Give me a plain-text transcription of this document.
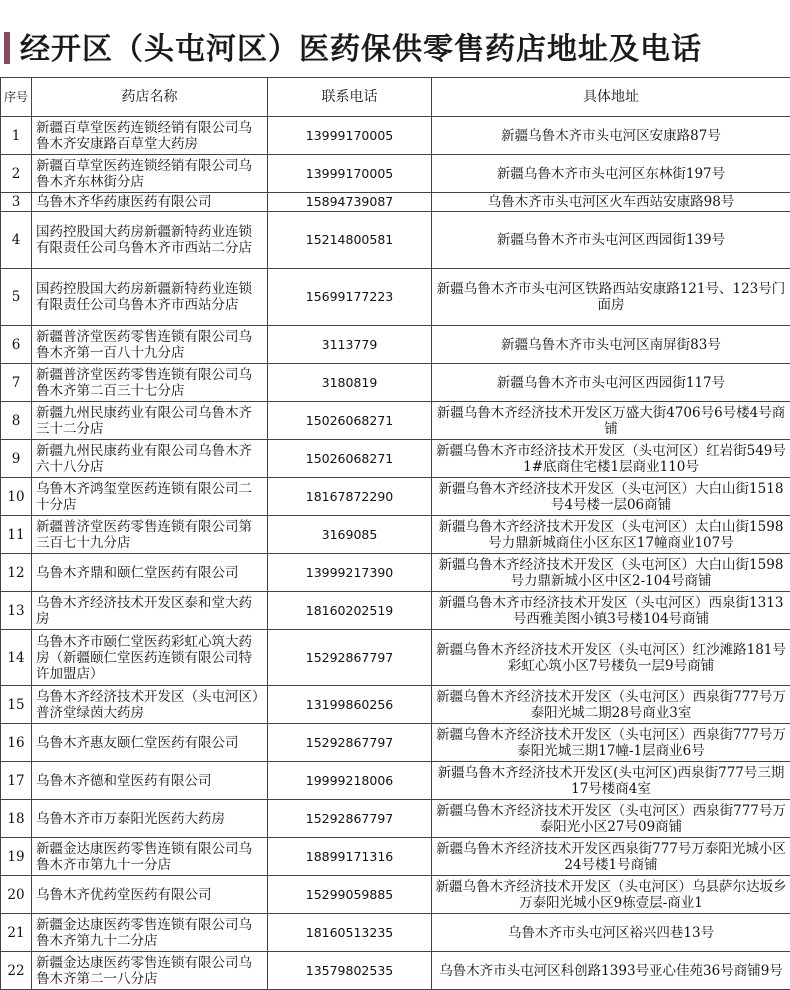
经开区（头屯河区）医药保供零售药店地址及电话
序号	药店名称	联系电话	具体地址
1	新疆百草堂医药连锁经销有限公司乌鲁木齐安康路百草堂大药房	13999170005	新疆乌鲁木齐市头屯河区安康路87号
2	新疆百草堂医药连锁经销有限公司乌鲁木齐东林街分店	13999170005	新疆乌鲁木齐市头屯河区东林街197号
3	乌鲁木齐华药康医药有限公司	15894739087	乌鲁木齐市头屯河区火车西站安康路98号
4	国药控股国大药房新疆新特药业连锁有限责任公司乌鲁木齐市西站二分店	15214800581	新疆乌鲁木齐市头屯河区西园街139号
5	国药控股国大药房新疆新特药业连锁有限责任公司乌鲁木齐市西站分店	15699177223	新疆乌鲁木齐市头屯河区铁路西站安康路121号、123号门面房
6	新疆普济堂医药零售连锁有限公司乌鲁木齐第一百八十九分店	3113779	新疆乌鲁木齐市头屯河区南屏街83号
7	新疆普济堂医药零售连锁有限公司乌鲁木齐第二百三十七分店	3180819	新疆乌鲁木齐市头屯河区西园街117号
8	新疆九州民康药业有限公司乌鲁木齐三十二分店	15026068271	新疆乌鲁木齐经济技术开发区万盛大街4706号6号楼4号商铺
9	新疆九州民康药业有限公司乌鲁木齐六十八分店	15026068271	新疆乌鲁木齐市经济技术开发区（头屯河区）红岩街549号1#底商住宅楼1层商业110号
10	乌鲁木齐鸿玺堂医药连锁有限公司二十分店	18167872290	新疆乌鲁木齐经济技术开发区（头屯河区）大白山街1518号4号楼一层06商铺
11	新疆普济堂医药零售连锁有限公司第三百七十九分店	3169085	新疆乌鲁木齐经济技术开发区（头屯河区）太白山街1598号力鼎新城商住小区东区17幢商业107号
12	乌鲁木齐鼎和颐仁堂医药有限公司	13999217390	新疆乌鲁木齐经济技术开发区（头屯河区）大白山街1598号力鼎新城小区中区2-104号商铺
13	乌鲁木齐经济技术开发区泰和堂大药房	18160202519	新疆乌鲁木齐市经济技术开发区（头屯河区）西泉街1313号西雅美图小镇3号楼104号商铺
14	乌鲁木齐市颐仁堂医药彩虹心筑大药房（新疆颐仁堂医药连锁有限公司特许加盟店）	15292867797	新疆乌鲁木齐经济技术开发区（头屯河区）红沙滩路181号彩虹心筑小区7号楼负一层9号商铺
15	乌鲁木齐经济技术开发区（头屯河区）普济堂绿茵大药房	13199860256	新疆乌鲁木齐经济技术开发区（头屯河区）西泉街777号万泰阳光城二期28号商业3室
16	乌鲁木齐惠友颐仁堂医药有限公司	15292867797	新疆乌鲁木齐经济技术开发区（头屯河区）西泉街777号万泰阳光城三期17幢-1层商业6号
17	乌鲁木齐德和堂医药有限公司	19999218006	新疆乌鲁木齐经济技术开发区(头屯河区)西泉街777号三期17号楼商4室
18	乌鲁木齐市万泰阳光医药大药房	15292867797	新疆乌鲁木齐经济技术开发区（头屯河区）西泉街777号万泰阳光小区27号09商铺
19	新疆金达康医药零售连锁有限公司乌鲁木齐市第九十一分店	18899171316	新疆乌鲁木齐经济技术开发区西泉街777号万泰阳光城小区24号楼1号商铺
20	乌鲁木齐优药堂医药有限公司	15299059885	新疆乌鲁木齐经济技术开发区（头屯河区）乌县萨尔达坂乡万泰阳光城小区9栋壹层-商业1
21	新疆金达康医药零售连锁有限公司乌鲁木齐第九十二分店	18160513235	乌鲁木齐市头屯河区裕兴四巷13号
22	新疆金达康医药零售连锁有限公司乌鲁木齐第二一八分店	13579802535	乌鲁木齐市头屯河区科创路1393号亚心佳苑36号商铺9号
